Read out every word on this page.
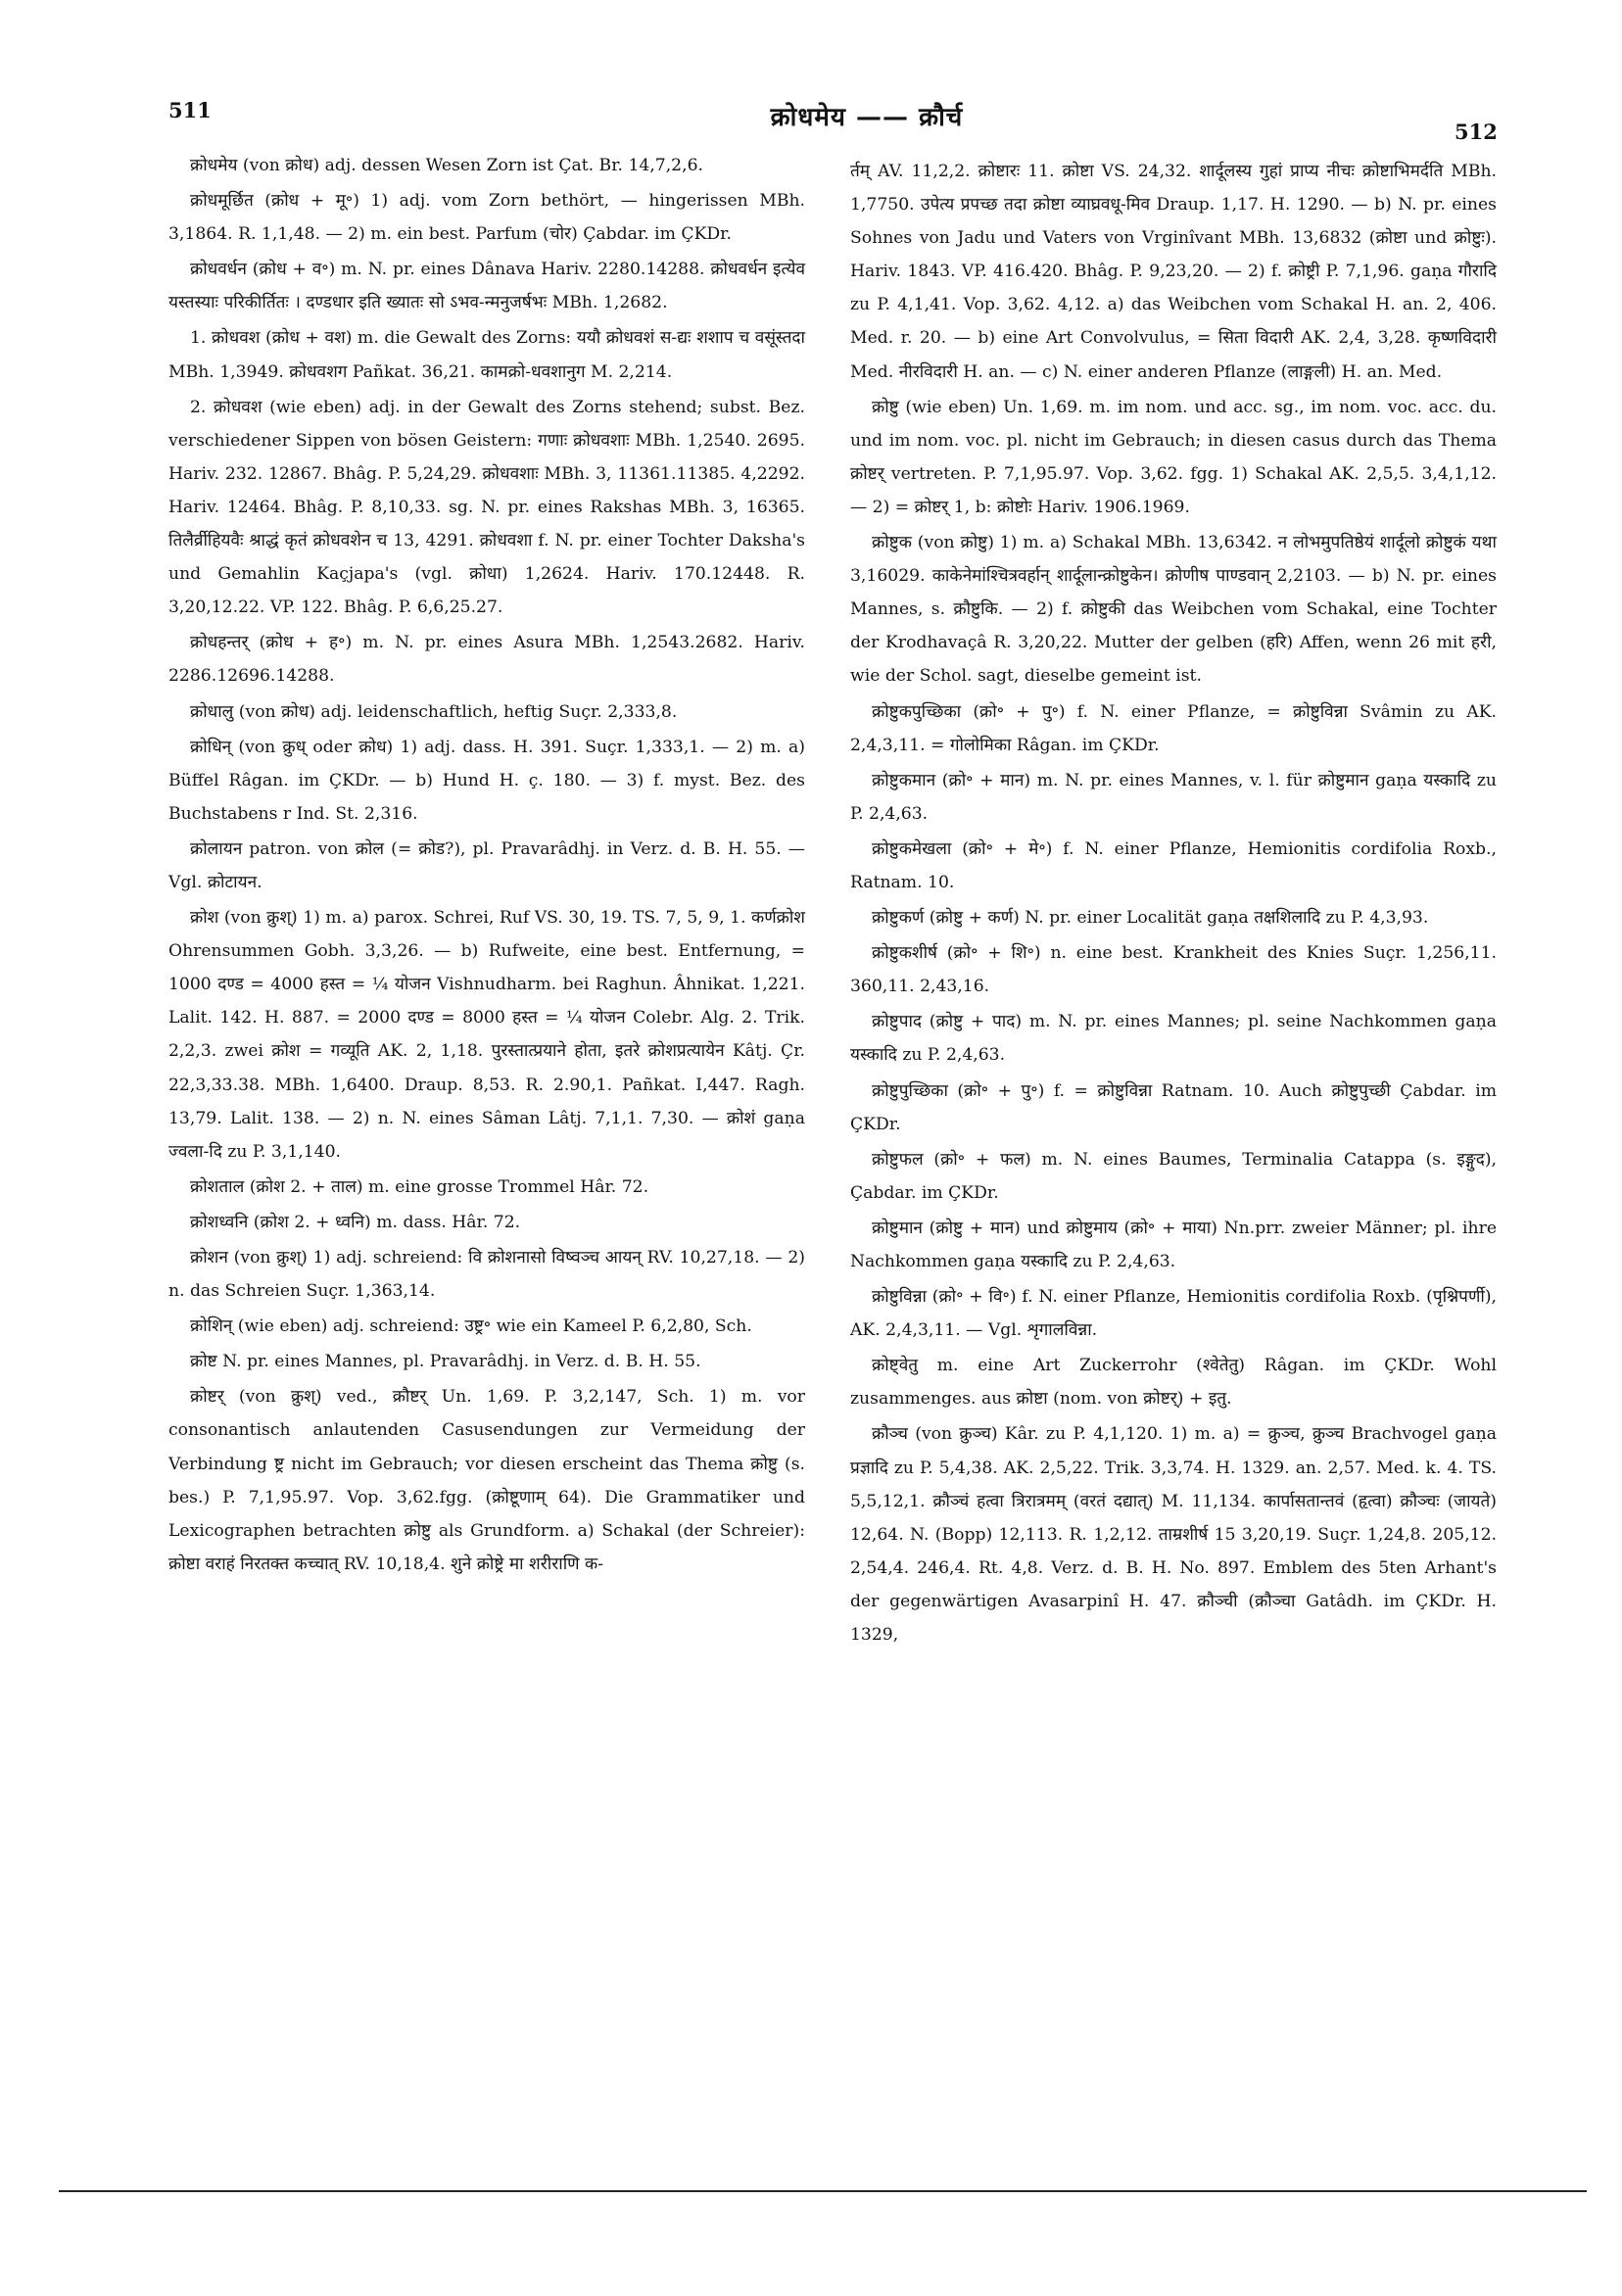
511	क्रोधमेय —— क्रौर्च	512

क्रोधमेय (von क्रोध) adj. dessen Wesen Zorn ist Çat. Br. 14,7,2,6.

क्रोधमूर्छित (क्रोध + मू॰) 1) adj. vom Zorn bethört, — hingerissen MBh. 3,1864. R. 1,1,48. — 2) m. ein best. Parfum (चोर) Çabdar. im ÇKDr.

क्रोधवर्धन (क्रोध + व॰) m. N. pr. eines Dânava Hariv. 2280.14288. क्रोधवर्धन इत्येव यस्तस्याः परिकीर्तितः । दण्डधार इति ख्यातः सो ऽभव-न्मनुजर्षभः MBh. 1,2682.

1. क्रोधवश (क्रोध + वश) m. die Gewalt des Zorns: ययौ क्रोधवशं स-द्यः शशाप च वसूंस्तदा MBh. 1,3949. क्रोधवशग Pañkat. 36,21. कामक्रो-धवशानुग M. 2,214.

2. क्रोधवश (wie eben) adj. in der Gewalt des Zorns stehend; subst. Bez. verschiedener Sippen von bösen Geistern: गणाः क्रोधवशाः MBh. 1,2540. 2695. Hariv. 232. 12867. Bhâg. P. 5,24,29. क्रोधवशाः MBh. 3, 11361.11385. 4,2292. Hariv. 12464. Bhâg. P. 8,10,33. sg. N. pr. eines Rakshas MBh. 3, 16365. तिलैर्व्रीहियवैः श्राद्धं कृतं क्रोधवशेन च 13, 4291. क्रोधवशा f. N. pr. einer Tochter Daksha's und Gemahlin Kaçjapa's (vgl. क्रोधा) 1,2624. Hariv. 170.12448. R. 3,20,12.22. VP. 122. Bhâg. P. 6,6,25.27.

क्रोधहन्तर् (क्रोध + ह॰) m. N. pr. eines Asura MBh. 1,2543.2682. Hariv. 2286.12696.14288.

क्रोधालु (von क्रोध) adj. leidenschaftlich, heftig Suçr. 2,333,8.

क्रोधिन् (von क्रुध् oder क्रोध) 1) adj. dass. H. 391. Suçr. 1,333,1. — 2) m. a) Büffel Râgan. im ÇKDr. — b) Hund H. ç. 180. — 3) f. myst. Bez. des Buchstabens r Ind. St. 2,316.

क्रोलायन patron. von क्रोल (= क्रोड?), pl. Pravarâdhj. in Verz. d. B. H. 55. — Vgl. क्रोटायन.

क्रोश (von क्रुश्) 1) m. a) parox. Schrei, Ruf VS. 30, 19. TS. 7, 5, 9, 1. कर्णक्रोश Ohrensummen Gobh. 3,3,26. — b) Rufweite, eine best. Entfernung, = 1000 दण्ड = 4000 हस्त = ¼ योजन Vishnudharm. bei Raghun. Âhnikat. 1,221. Lalit. 142. H. 887. = 2000 दण्ड = 8000 हस्त = ¼ योजन Colebr. Alg. 2. Trik. 2,2,3. zwei क्रोश = गव्यूति AK. 2, 1,18. पुरस्तात्प्रयाने होता, इतरे क्रोशप्रत्यायेन Kâtj. Çr. 22,3,33.38. MBh. 1,6400. Draup. 8,53. R. 2.90,1. Pañkat. I,447. Ragh. 13,79. Lalit. 138. — 2) n. N. eines Sâman Lâtj. 7,1,1. 7,30. — क्रोशं gaṇa ज्वला-दि zu P. 3,1,140.

क्रोशताल (क्रोश 2. + ताल) m. eine grosse Trommel Hâr. 72.

क्रोशध्वनि (क्रोश 2. + ध्वनि) m. dass. Hâr. 72.

क्रोशन (von क्रुश्) 1) adj. schreiend: वि क्रोशनासो विष्वञ्च आयन् RV. 10,27,18. — 2) n. das Schreien Suçr. 1,363,14.

क्रोशिन् (wie eben) adj. schreiend: उष्ट्र॰ wie ein Kameel P. 6,2,80, Sch.

क्रोष्ट N. pr. eines Mannes, pl. Pravarâdhj. in Verz. d. B. H. 55.

क्रोष्टर् (von क्रुश्) ved., क्रौष्टर् Un. 1,69. P. 3,2,147, Sch. 1) m. vor consonantisch anlautenden Casusendungen zur Vermeidung der Verbindung ष्ट्र nicht im Gebrauch; vor diesen erscheint das Thema क्रोष्टु (s. bes.) P. 7,1,95.97. Vop. 3,62.fgg. (क्रोष्टूणाम् 64). Die Grammatiker und Lexicographen betrachten क्रोष्टु als Grundform. a) Schakal (der Schreier): क्रोष्टा वराहं निरतक्त कच्चात् RV. 10,18,4. शुने क्रोष्ट्रे मा शरीराणि क-

र्तम् AV. 11,2,2. क्रोष्टारः 11. क्रोष्टा VS. 24,32. शार्दूलस्य गुहां प्राप्य नीचः क्रोष्टाभिमर्दति MBh. 1,7750. उपेत्य प्रपच्छ तदा क्रोष्टा व्याघ्रवधू-मिव Draup. 1,17. H. 1290. — b) N. pr. eines Sohnes von Jadu und Vaters von Vrginîvant MBh. 13,6832 (क्रोष्टा und क्रोष्टुः). Hariv. 1843. VP. 416.420. Bhâg. P. 9,23,20. — 2) f. क्रोष्ट्री P. 7,1,96. gaṇa गौरादि zu P. 4,1,41. Vop. 3,62. 4,12. a) das Weibchen vom Schakal H. an. 2, 406. Med. r. 20. — b) eine Art Convolvulus, = सिता विदारी AK. 2,4, 3,28. कृष्णविदारी Med. नीरविदारी H. an. — c) N. einer anderen Pflanze (लाङ्गली) H. an. Med.

क्रोष्टु (wie eben) Un. 1,69. m. im nom. und acc. sg., im nom. voc. acc. du. und im nom. voc. pl. nicht im Gebrauch; in diesen casus durch das Thema क्रोष्टर् vertreten. P. 7,1,95.97. Vop. 3,62. fgg. 1) Schakal AK. 2,5,5. 3,4,1,12. — 2) = क्रोष्टर् 1, b: क्रोष्टोः Hariv. 1906.1969.

क्रोष्टुक (von क्रोष्टु) 1) m. a) Schakal MBh. 13,6342. न लोभमुपतिष्ठेयं शार्दूलो क्रोष्टुकं यथा 3,16029. काकेनेमांश्चित्रवर्हान् शार्दूलान्क्रोष्टुकेन। क्रोणीष पाण्डवान् 2,2103. — b) N. pr. eines Mannes, s. क्रौष्टुकि. — 2) f. क्रोष्टुकी das Weibchen vom Schakal, eine Tochter der Krodhavaçâ R. 3,20,22. Mutter der gelben (हरि) Affen, wenn 26 mit हरी, wie der Schol. sagt, dieselbe gemeint ist.

क्रोष्टुकपुच्छिका (क्रो॰ + पु॰) f. N. einer Pflanze, = क्रोष्टुविन्ना Svâmin zu AK. 2,4,3,11. = गोलोमिका Râgan. im ÇKDr.

क्रोष्टुकमान (क्रो॰ + मान) m. N. pr. eines Mannes, v. l. für क्रोष्टुमान gaṇa यस्कादि zu P. 2,4,63.

क्रोष्टुकमेखला (क्रो॰ + मे॰) f. N. einer Pflanze, Hemionitis cordifolia Roxb., Ratnam. 10.

क्रोष्टुकर्ण (क्रोष्टु + कर्ण) N. pr. einer Localität gaṇa तक्षशिलादि zu P. 4,3,93.

क्रोष्टुकशीर्ष (क्रो॰ + शि॰) n. eine best. Krankheit des Knies Suçr. 1,256,11. 360,11. 2,43,16.

क्रोष्टुपाद (क्रोष्टु + पाद) m. N. pr. eines Mannes; pl. seine Nachkommen gaṇa यस्कादि zu P. 2,4,63.

क्रोष्टुपुच्छिका (क्रो॰ + पु॰) f. = क्रोष्टुविन्ना Ratnam. 10. Auch क्रोष्टुपुच्छी Çabdar. im ÇKDr.

क्रोष्टुफल (क्रो॰ + फल) m. N. eines Baumes, Terminalia Catappa (s. इङ्गुद), Çabdar. im ÇKDr.

क्रोष्टुमान (क्रोष्टु + मान) und क्रोष्टुमाय (क्रो॰ + माया) Nn.prr. zweier Männer; pl. ihre Nachkommen gaṇa यस्कादि zu P. 2,4,63.

क्रोष्टुविन्ना (क्रो॰ + वि॰) f. N. einer Pflanze, Hemionitis cordifolia Roxb. (पृश्निपर्णी), AK. 2,4,3,11. — Vgl. शृगालविन्ना.

क्रोष्ट्वेतु m. eine Art Zuckerrohr (श्वेतेतु) Râgan. im ÇKDr. Wohl zusammenges. aus क्रोष्टा (nom. von क्रोष्टर्) + इतु.

क्रौञ्च (von क्रुञ्च) Kâr. zu P. 4,1,120. 1) m. a) = क्रुञ्च, क्रुञ्च Brachvogel gaṇa प्रज्ञादि zu P. 5,4,38. AK. 2,5,22. Trik. 3,3,74. H. 1329. an. 2,57. Med. k. 4. TS. 5,5,12,1. क्रौञ्चं हत्वा त्रिरात्रमम् (वरतं दद्यात्) M. 11,134. कार्पासतान्तवं (हृत्वा) क्रौञ्चः (जायते) 12,64. N. (Bopp) 12,113. R. 1,2,12. ताम्रशीर्ष 15 3,20,19. Suçr. 1,24,8. 205,12. 2,54,4. 246,4. Rt. 4,8. Verz. d. B. H. No. 897. Emblem des 5ten Arhant's der gegenwärtigen Avasarpinî H. 47. क्रौञ्ची (क्रौञ्चा Gatâdh. im ÇKDr. H. 1329,
